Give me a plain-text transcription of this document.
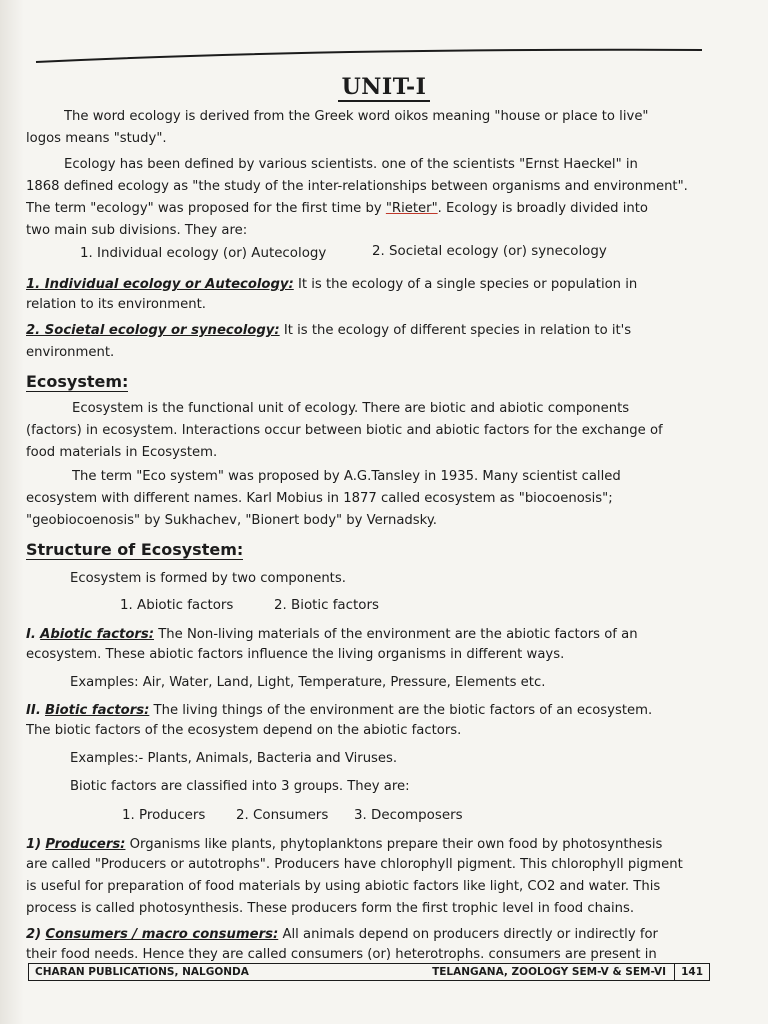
UNIT-I
The word ecology is derived from the Greek word oikos meaning "house or place to live"
logos means "study".
Ecology has been defined by various scientists. one of the scientists "Ernst Haeckel" in
1868 defined ecology as "the study of the inter-relationships between organisms and environment".
The term "ecology" was proposed for the first time by "Rieter". Ecology is broadly divided into
two main sub divisions. They are:
1. Individual ecology (or) Autecology	2. Societal ecology (or) synecology
1. Individual ecology or Autecology: It is the ecology of a single species or population in
relation to its environment.
2. Societal ecology or synecology: It is the ecology of different species in relation to it's
environment.
Ecosystem:
Ecosystem is the functional unit of ecology. There are biotic and abiotic components
(factors) in ecosystem. Interactions occur between biotic and abiotic factors for the exchange of
food materials in Ecosystem.
The term "Eco system" was proposed by A.G.Tansley in 1935. Many scientist called
ecosystem with different names. Karl Mobius in 1877 called ecosystem as "biocoenosis";
"geobiocoenosis" by Sukhachev, "Bionert body" by Vernadsky.
Structure of Ecosystem:
Ecosystem is formed by two components.
1. Abiotic factors	2. Biotic factors
I. Abiotic factors: The Non-living materials of the environment are the abiotic factors of an
ecosystem. These abiotic factors influence the living organisms in different ways.
Examples: Air, Water, Land, Light, Temperature, Pressure, Elements etc.
II. Biotic factors: The living things of the environment are the biotic factors of an ecosystem.
The biotic factors of the ecosystem depend on the abiotic factors.
Examples:- Plants, Animals, Bacteria and Viruses.
Biotic factors are classified into 3 groups. They are:
1. Producers 2. Consumers 3. Decomposers
1) Producers: Organisms like plants, phytoplanktons prepare their own food by photosynthesis
are called "Producers or autotrophs". Producers have chlorophyll pigment. This chlorophyll pigment
is useful for preparation of food materials by using abiotic factors like light, CO2 and water. This
process is called photosynthesis. These producers form the first trophic level in food chains.
2) Consumers / macro consumers: All animals depend on producers directly or indirectly for
their food needs. Hence they are called consumers (or) heterotrophs. consumers are present in
CHARAN PUBLICATIONS, NALGONDA	TELANGANA, ZOOLOGY SEM-V & SEM-VI	141
